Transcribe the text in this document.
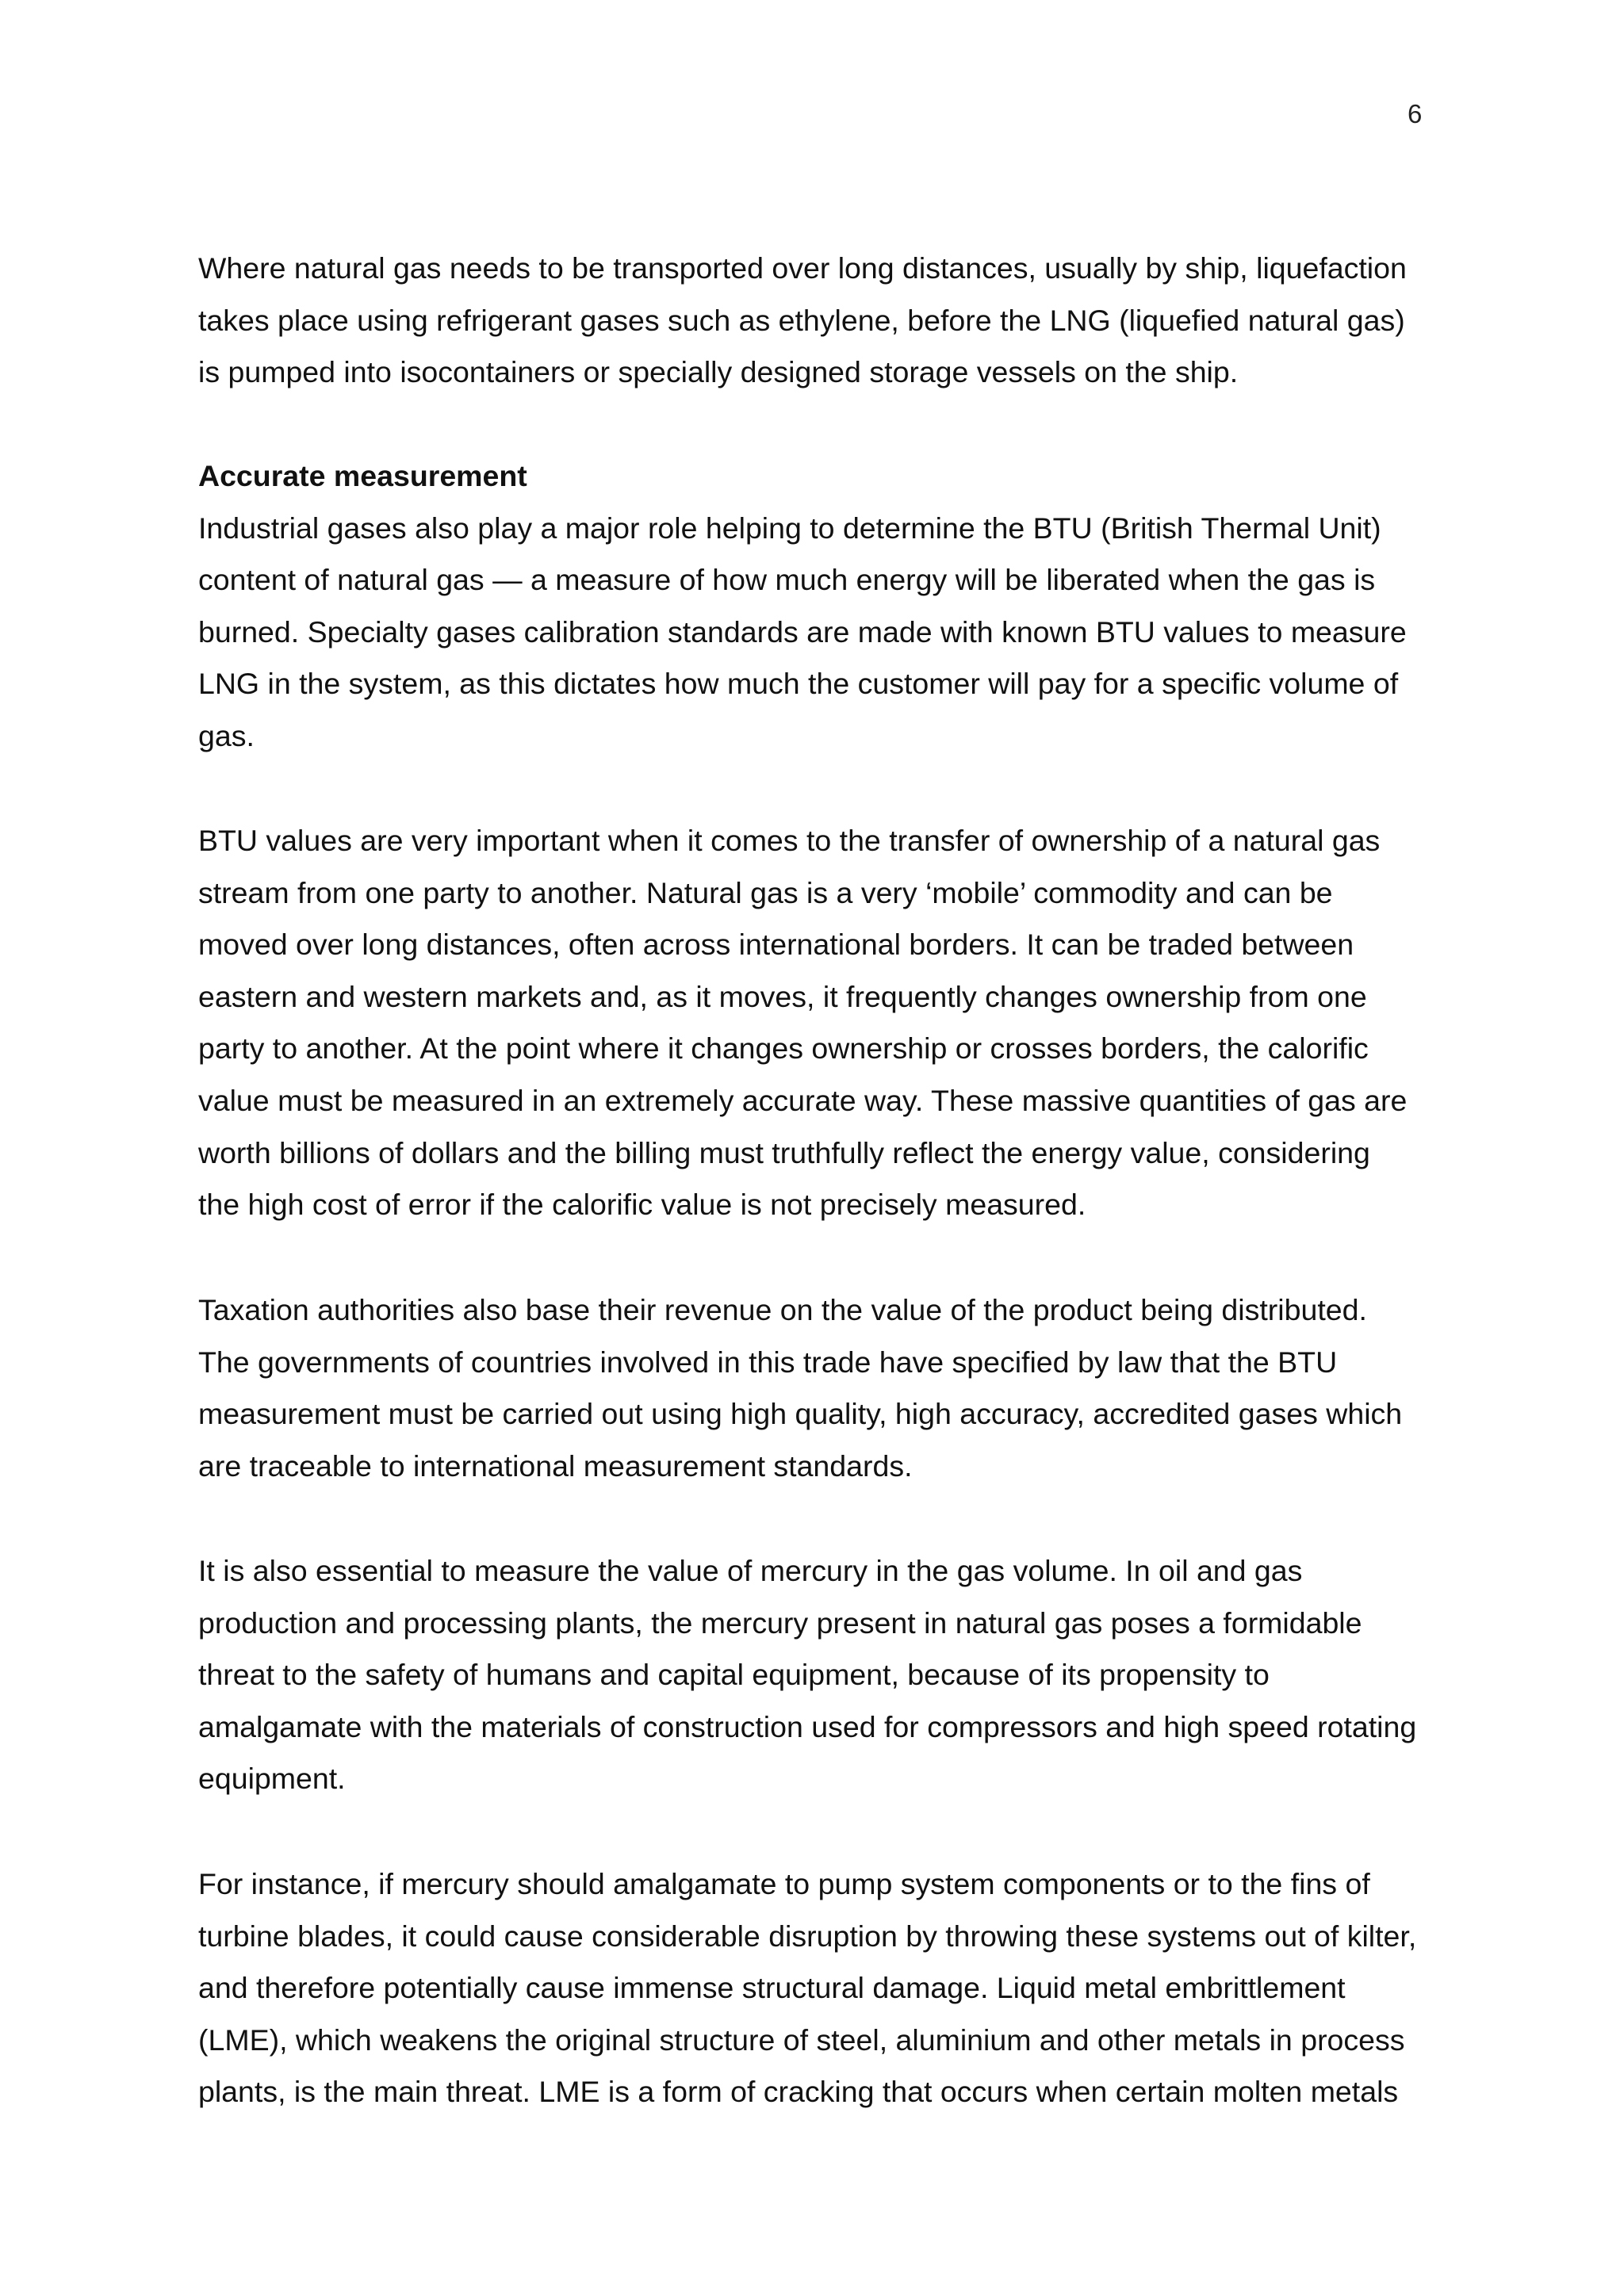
6
Where natural gas needs to be transported over long distances, usually by ship, liquefaction
takes place using refrigerant gases such as ethylene, before the LNG (liquefied natural gas)
is pumped into isocontainers or specially designed storage vessels on the ship.
Accurate measurement
Industrial gases also play a major role helping to determine the BTU (British Thermal Unit)
content of natural gas — a measure of how much energy will be liberated when the gas is
burned. Specialty gases calibration standards are made with known BTU values to measure
LNG in the system, as this dictates how much the customer will pay for a specific volume of
gas.
BTU values are very important when it comes to the transfer of ownership of a natural gas
stream from one party to another. Natural gas is a very ‘mobile’ commodity and can be
moved over long distances, often across international borders. It can be traded between
eastern and western markets and, as it moves, it frequently changes ownership from one
party to another. At the point where it changes ownership or crosses borders, the calorific
value must be measured in an extremely accurate way. These massive quantities of gas are
worth billions of dollars and the billing must truthfully reflect the energy value, considering
the high cost of error if the calorific value is not precisely measured.
Taxation authorities also base their revenue on the value of the product being distributed.
The governments of countries involved in this trade have specified by law that the BTU
measurement must be carried out using high quality, high accuracy, accredited gases which
are traceable to international measurement standards.
It is also essential to measure the value of mercury in the gas volume. In oil and gas
production and processing plants, the mercury present in natural gas poses a formidable
threat to the safety of humans and capital equipment, because of its propensity to
amalgamate with the materials of construction used for compressors and high speed rotating
equipment.
For instance, if mercury should amalgamate to pump system components or to the fins of
turbine blades, it could cause considerable disruption by throwing these systems out of kilter,
and therefore potentially cause immense structural damage. Liquid metal embrittlement
(LME), which weakens the original structure of steel, aluminium and other metals in process
plants, is the main threat. LME is a form of cracking that occurs when certain molten metals
